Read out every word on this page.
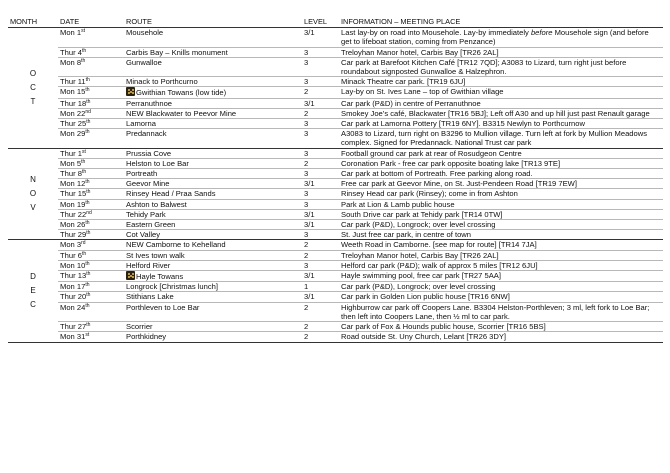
MONTH	DATE	ROUTE	LEVEL	INFORMATION – MEETING PLACE

O
C
T	Mon 1st	Mousehole	3/1	Last lay-by on road into Mousehole. Lay-by immediately before Mousehole sign (and before get to lifeboat station, coming from Penzance)
	Thur 4th	Carbis Bay – Knills monument	3	Treloyhan Manor hotel, Carbis Bay [TR26 2AL]
	Mon 8th	Gunwalloe	3	Car park at Barefoot Kitchen Café [TR12 7QD]; A3083 to Lizard, turn right just before roundabout signposted Gunwalloe & Halzephron.
	Thur 11th	Minack to Porthcurno	3	Minack Theatre car park. [TR19 6JU]
	Mon 15th	Gwithian Towans (low tide)	2	Lay-by on St. Ives Lane – top of Gwithian village
	Thur 18th	Perranuthnoe	3/1	Car park (P&D) in centre of Perranuthnoe
	Mon 22nd	NEW Blackwater to Peevor Mine	2	Smokey Joe’s café, Blackwater [TR16 5BJ]; Left off A30 and up hill just past Renault garage
	Thur 25th	Lamorna	3	Car park at Lamorna Pottery [TR19 6NY]. B3315 Newlyn to Porthcurnow
	Mon 29th	Predannack	3	A3083 to Lizard, turn right on B3296 to Mullion village. Turn left at fork by Mullion Meadows complex. Signed for Predannack. National Trust car park

N
O
V	Thur 1st	Prussia Cove	3	Football ground car park at rear of Rosudgeon Centre
	Mon 5th	Helston to Loe Bar	2	Coronation Park - free car park opposite boating lake [TR13 9TE]
	Thur 8th	Portreath	3	Car park at bottom of Portreath. Free parking along road.
	Mon 12th	Geevor Mine	3/1	Free car park at Geevor Mine, on St. Just-Pendeen Road [TR19 7EW]
	Thur 15th	Rinsey Head / Praa Sands	3	Rinsey Head car park (Rinsey); come in from Ashton
	Mon 19th	Ashton to Balwest	3	Park at Lion & Lamb public house
	Thur 22nd	Tehidy Park	3/1	South Drive car park at Tehidy park [TR14 0TW]
	Mon 26th	Eastern Green	3/1	Car park (P&D), Longrock; over level crossing
	Thur 29th	Cot Valley	3	St. Just free car park, in centre of town

D
E
C	Mon 3rd	NEW Camborne to Kehelland	2	Weeth Road in Camborne. [see map for route] [TR14 7JA]
	Thur 6th	St Ives town walk	2	Treloyhan Manor hotel, Carbis Bay [TR26 2AL]
	Mon 10th	Helford River	3	Helford car park (P&D); walk of approx 5 miles [TR12 6JU]
	Thur 13th	Hayle Towans	3/1	Hayle swimming pool, free car park [TR27 5AA]
	Mon 17th	Longrock [Christmas lunch]	1	Car park (P&D), Longrock; over level crossing
	Thur 20th	Stithians Lake	3/1	Car park in Golden Lion public house [TR16 6NW]
	Mon 24th	Porthleven to Loe Bar	2	Highburrow car park off Coopers Lane. B3304 Helston-Porthleven; 3 ml, left fork to Loe Bar; then left into Coopers Lane, then ½ ml to car park.
	Thur 27th	Scorrier	2	Car park of Fox & Hounds public house, Scorrier [TR16 5BS]
	Mon 31st	Porthkidney	2	Road outside St. Uny Church, Lelant [TR26 3DY]
